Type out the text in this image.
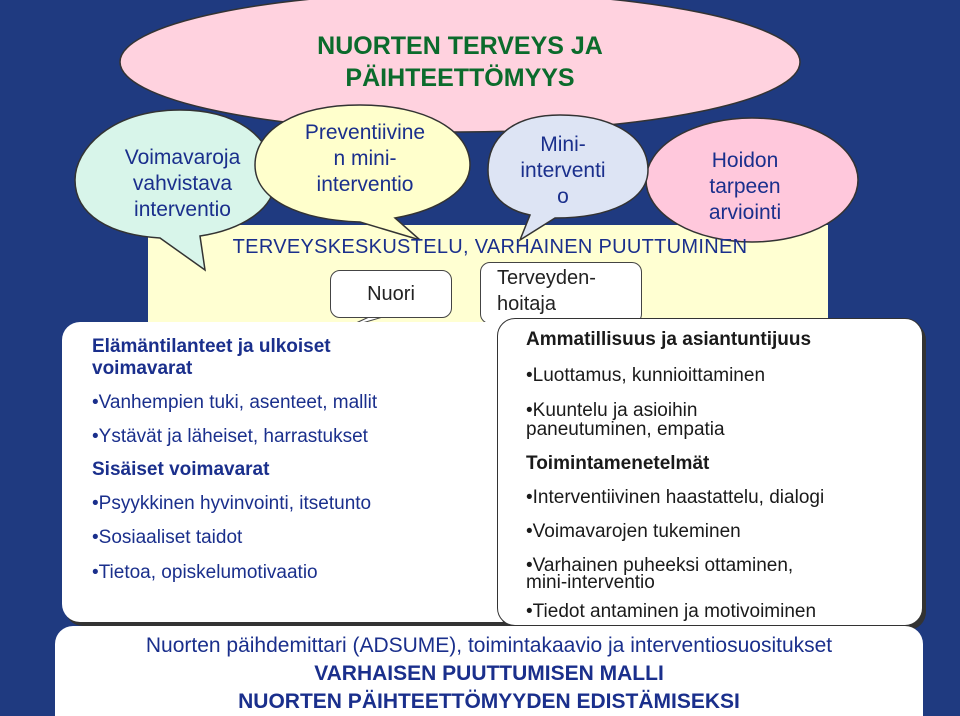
NUORTEN TERVEYS JA
PÄIHTEETTÖMYYS
Voimavaroja
vahvistava
interventio
Preventiivine
n mini-
interventio
Mini-
interventi
o
Hoidon
tarpeen
arviointi
TERVEYSKESKUSTELU, VARHAINEN PUUTTUMINEN
Nuori
Terveyden-
hoitaja
Elämäntilanteet ja ulkoiset
voimavarat
•Vanhempien tuki, asenteet, mallit
•Ystävät ja läheiset, harrastukset
Sisäiset voimavarat
•Psyykkinen hyvinvointi, itsetunto
•Sosiaaliset taidot
•Tietoa, opiskelumotivaatio
Ammatillisuus ja asiantuntijuus
•Luottamus, kunnioittaminen
•Kuuntelu ja asioihin
paneutuminen, empatia
Toimintamenetelmät
•Interventiivinen haastattelu, dialogi
•Voimavarojen tukeminen
•Varhainen puheeksi ottaminen,
mini-interventio
•Tiedot antaminen ja motivoiminen
Nuorten päihdemittari (ADSUME), toimintakaavio ja interventiosuositukset
VARHAISEN PUUTTUMISEN MALLI
NUORTEN PÄIHTEETTÖMYYDEN EDISTÄMISEKSI
